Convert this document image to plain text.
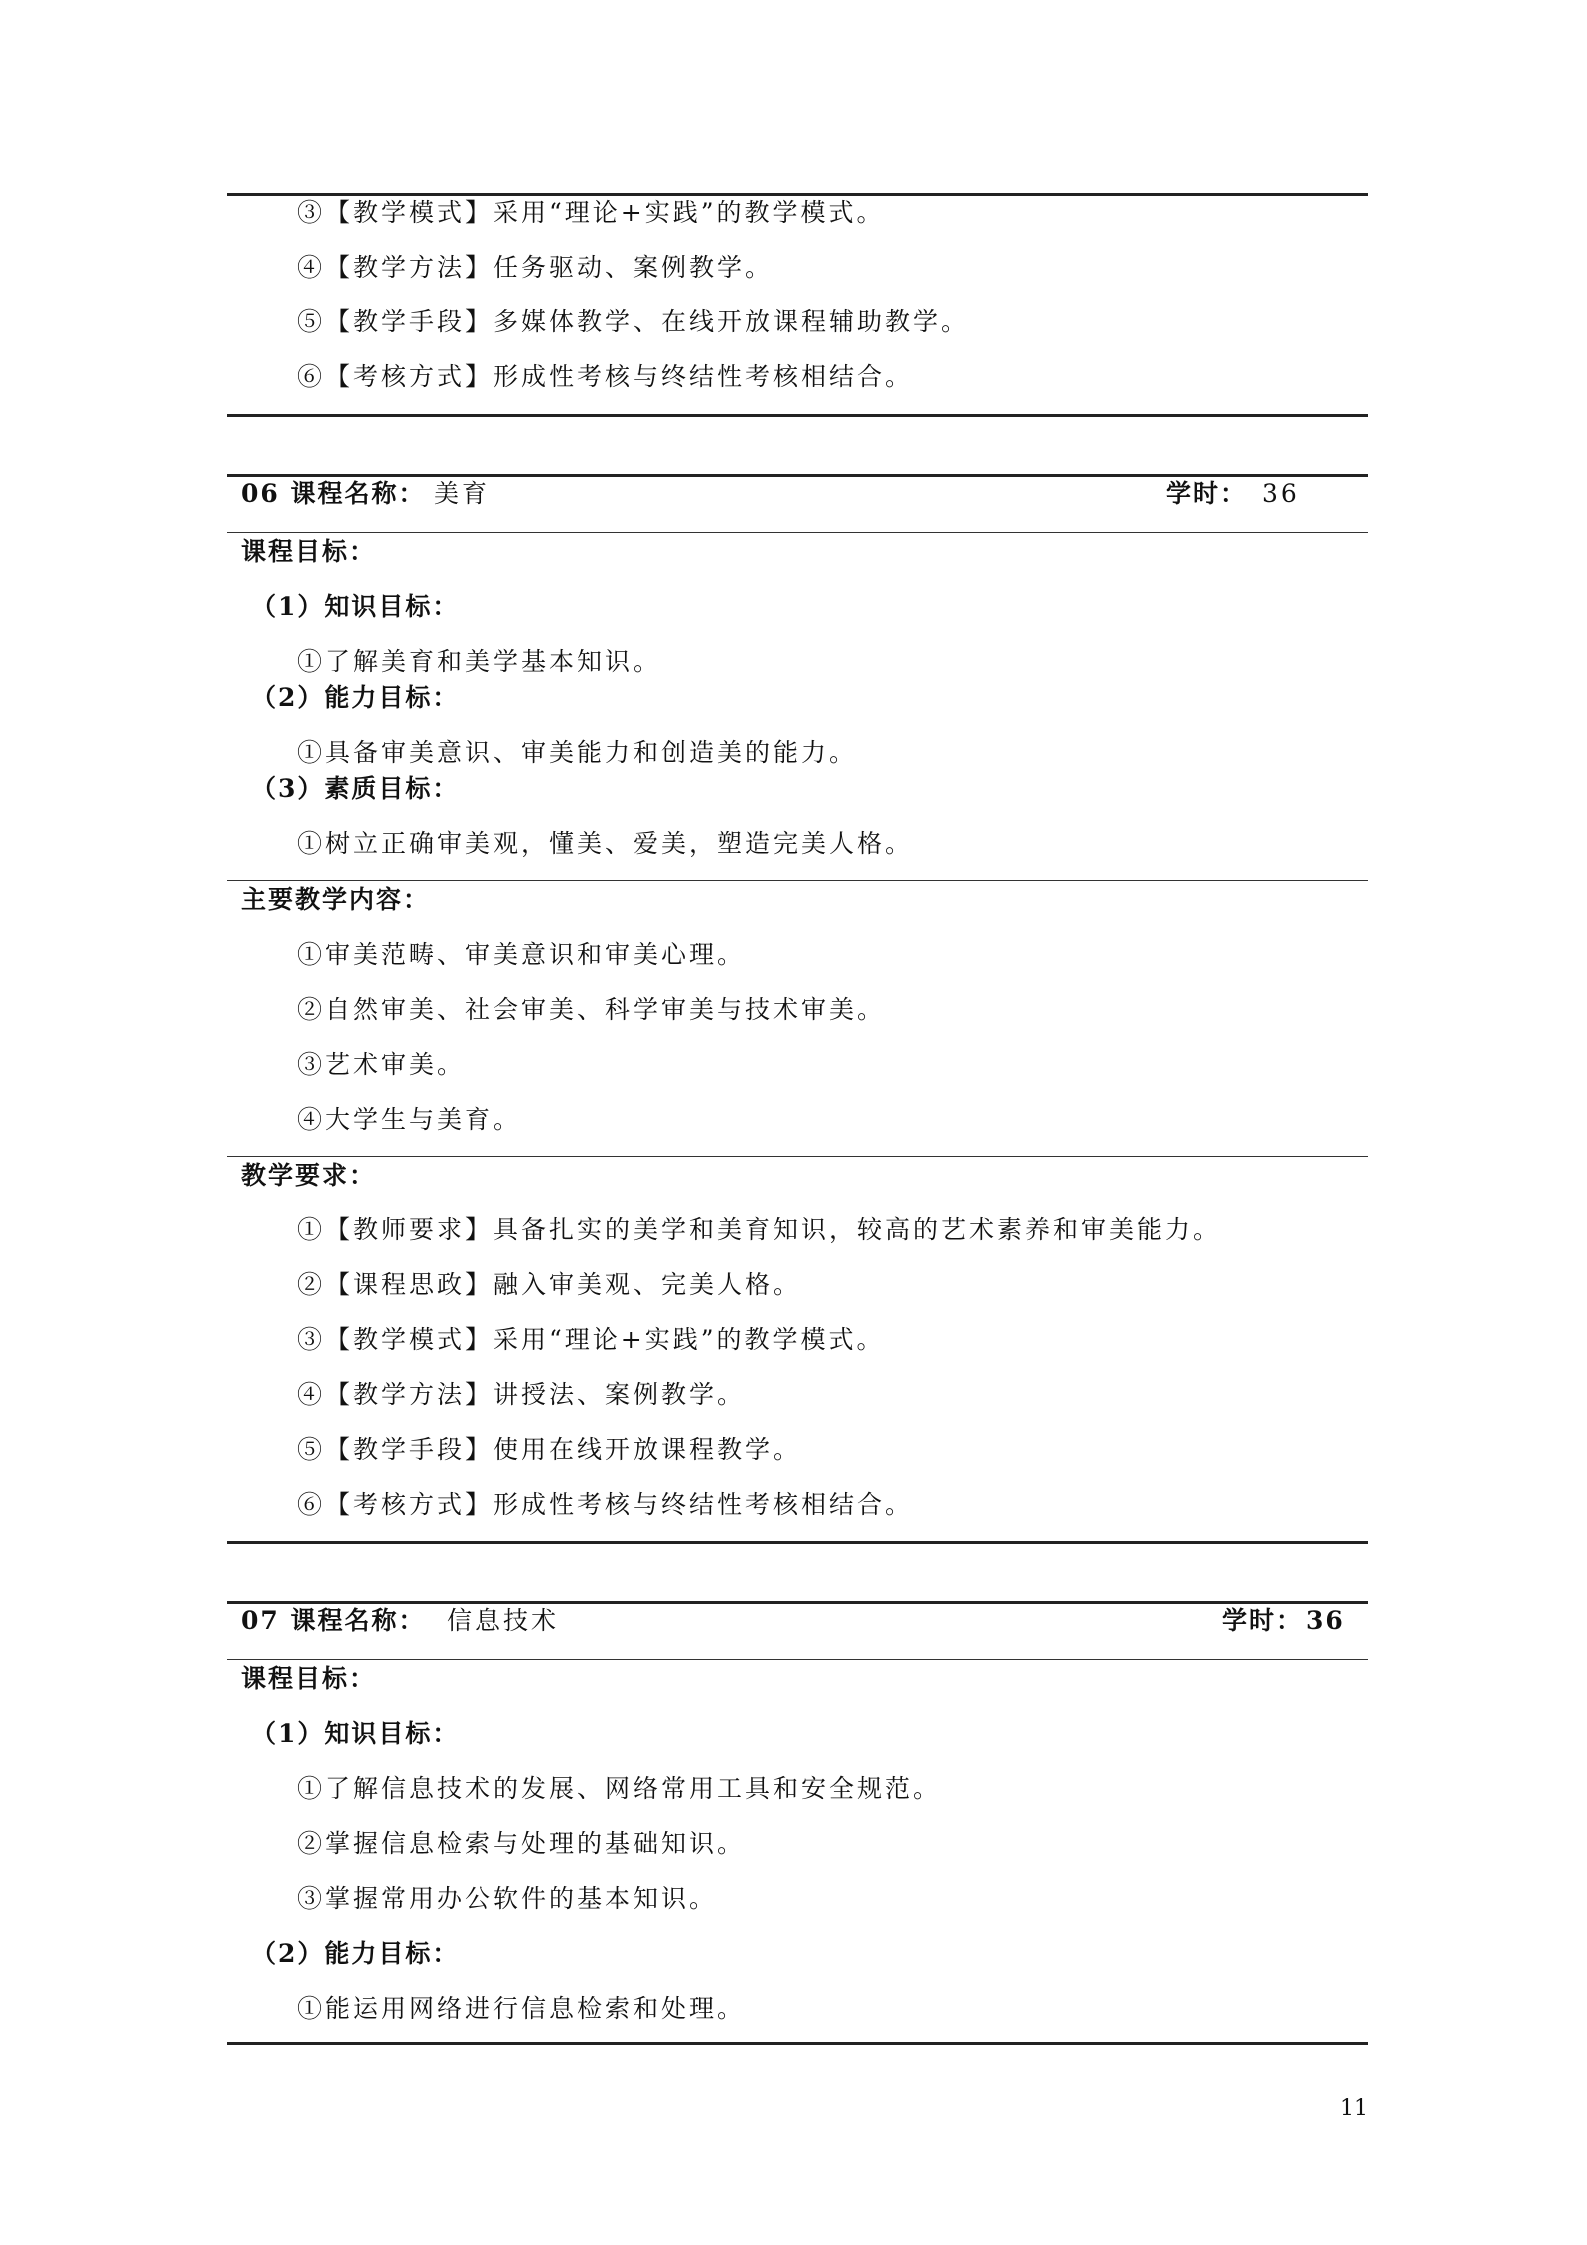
③【教学模式】采用“理论+实践”的教学模式。
④【教学方法】任务驱动、案例教学。
⑤【教学手段】多媒体教学、在线开放课程辅助教学。
⑥【考核方式】形成性考核与终结性考核相结合。
06 课程名称： 美育	学时： 36
课程目标：
（1）知识目标：
①了解美育和美学基本知识。
（2）能力目标：
①具备审美意识、审美能力和创造美的能力。
（3）素质目标：
①树立正确审美观，懂美、爱美，塑造完美人格。
主要教学内容：
①审美范畴、审美意识和审美心理。
②自然审美、社会审美、科学审美与技术审美。
③艺术审美。
④大学生与美育。
教学要求：
①【教师要求】具备扎实的美学和美育知识，较高的艺术素养和审美能力。
②【课程思政】融入审美观、完美人格。
③【教学模式】采用“理论+实践”的教学模式。
④【教学方法】讲授法、案例教学。
⑤【教学手段】使用在线开放课程教学。
⑥【考核方式】形成性考核与终结性考核相结合。
07 课程名称： 信息技术	学时： 36
课程目标：
（1）知识目标：
①了解信息技术的发展、网络常用工具和安全规范。
②掌握信息检索与处理的基础知识。
③掌握常用办公软件的基本知识。
（2）能力目标：
①能运用网络进行信息检索和处理。
11
